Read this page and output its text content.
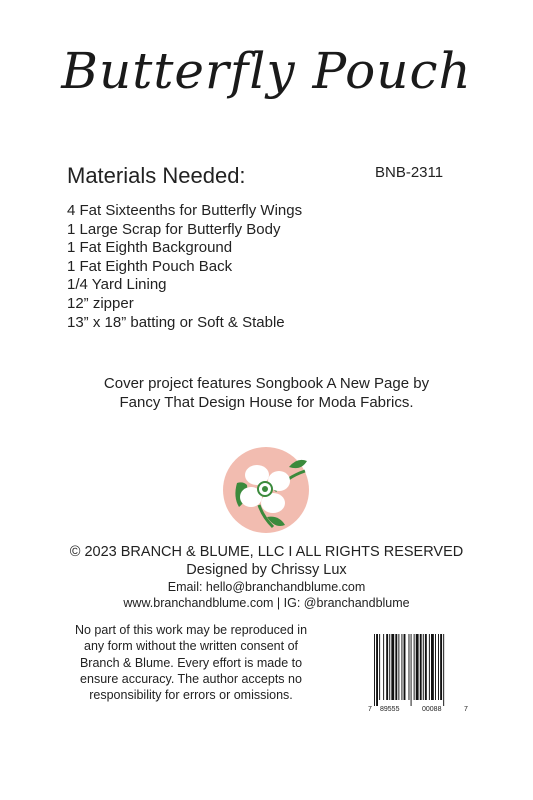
Butterfly Pouch
Materials Needed:	BNB-2311
4 Fat Sixteenths for Butterfly Wings
1 Large Scrap for Butterfly Body
1 Fat Eighth Background
1 Fat Eighth Pouch Back
1/4 Yard Lining
12” zipper
13” x 18” batting or Soft & Stable
Cover project features Songbook A New Page by
Fancy That Design House for Moda Fabrics.
© 2023 BRANCH & BLUME, LLC I ALL RIGHTS RESERVED
Designed by Chrissy Lux
Email: hello@branchandblume.com
www.branchandblume.com | IG: @branchandblume
No part of this work may be reproduced in
any form without the written consent of
Branch & Blume. Every effort is made to
ensure accuracy. The author accepts no
responsibility for errors or omissions.
7 89555	00088	7
